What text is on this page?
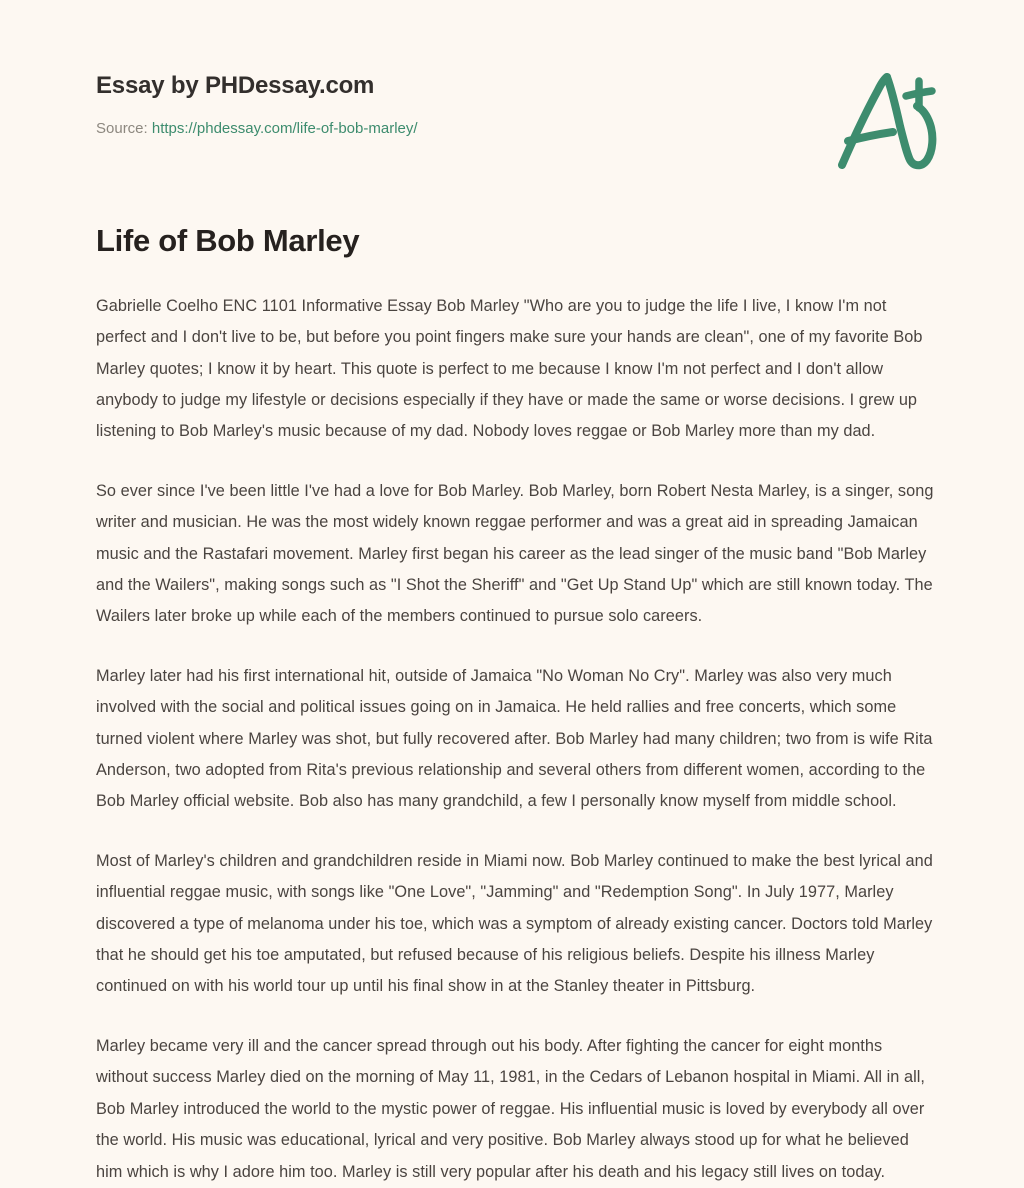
Essay by PHDessay.com
Source: https://phdessay.com/life-of-bob-marley/
Life of Bob Marley

Gabrielle Coelho ENC 1101 Informative Essay Bob Marley "Who are you to judge the life I live, I know I'm not perfect and I don't live to be, but before you point fingers make sure your hands are clean", one of my favorite Bob Marley quotes; I know it by heart. This quote is perfect to me because I know I'm not perfect and I don't allow anybody to judge my lifestyle or decisions especially if they have or made the same or worse decisions. I grew up listening to Bob Marley's music because of my dad. Nobody loves reggae or Bob Marley more than my dad.

So ever since I've been little I've had a love for Bob Marley. Bob Marley, born Robert Nesta Marley, is a singer, song writer and musician. He was the most widely known reggae performer and was a great aid in spreading Jamaican music and the Rastafari movement. Marley first began his career as the lead singer of the music band "Bob Marley and the Wailers", making songs such as "I Shot the Sheriff" and "Get Up Stand Up" which are still known today. The Wailers later broke up while each of the members continued to pursue solo careers.

Marley later had his first international hit, outside of Jamaica "No Woman No Cry". Marley was also very much involved with the social and political issues going on in Jamaica. He held rallies and free concerts, which some turned violent where Marley was shot, but fully recovered after. Bob Marley had many children; two from is wife Rita Anderson, two adopted from Rita's previous relationship and several others from different women, according to the Bob Marley official website. Bob also has many grandchild, a few I personally know myself from middle school.

Most of Marley's children and grandchildren reside in Miami now. Bob Marley continued to make the best lyrical and influential reggae music, with songs like "One Love", "Jamming" and "Redemption Song". In July 1977, Marley discovered a type of melanoma under his toe, which was a symptom of already existing cancer. Doctors told Marley that he should get his toe amputated, but refused because of his religious beliefs. Despite his illness Marley continued on with his world tour up until his final show in at the Stanley theater in Pittsburg.

Marley became very ill and the cancer spread through out his body. After fighting the cancer for eight months without success Marley died on the morning of May 11, 1981, in the Cedars of Lebanon hospital in Miami. All in all, Bob Marley introduced the world to the mystic power of reggae. His influential music is loved by everybody all over the world. His music was educational, lyrical and very positive. Bob Marley always stood up for what he believed him which is why I adore him too. Marley is still very popular after his death and his legacy still lives on today.
